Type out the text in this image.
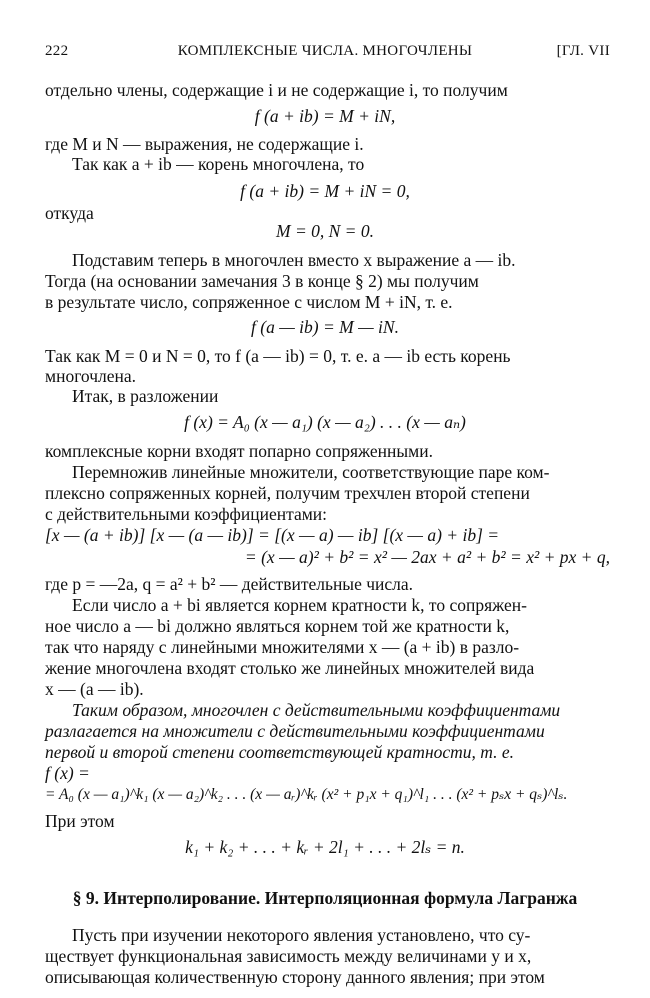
222	КОМПЛЕКСНЫЕ ЧИСЛА. МНОГОЧЛЕНЫ	[ГЛ. VII
отдельно члены, содержащие i и не содержащие i, то получим
f (a + ib) = M + iN,
где M и N — выражения, не содержащие i.
Так как a + ib — корень многочлена, то
f (a + ib) = M + iN = 0,
откуда
M = 0, N = 0.
Подставим теперь в многочлен вместо x выражение a — ib.
Тогда (на основании замечания 3 в конце § 2) мы получим
в результате число, сопряженное с числом M + iN, т. е.
f (a — ib) = M — iN.
Так как M = 0 и N = 0, то f (a — ib) = 0, т. е. a — ib есть корень
многочлена.
Итак, в разложении
f (x) = A₀ (x — a₁) (x — a₂) . . . (x — aₙ)
комплексные корни входят попарно сопряженными.
Перемножив линейные множители, соответствующие паре ком-
плексно сопряженных корней, получим трехчлен второй степени
с действительными коэффициентами:
[x — (a + ib)] [x — (a — ib)] = [(x — a) — ib] [(x — a) + ib] =
= (x — a)² + b² = x² — 2ax + a² + b² = x² + px + q,
где p = —2a, q = a² + b² — действительные числа.
Если число a + bi является корнем кратности k, то сопряжен-
ное число a — bi должно являться корнем той же кратности k,
так что наряду с линейными множителями x — (a + ib) в разло-
жение многочлена входят столько же линейных множителей вида
x — (a — ib).
Таким образом, многочлен с действительными коэффициентами
разлагается на множители с действительными коэффициентами
первой и второй степени соответствующей кратности, т. е.
f (x) =
= A₀ (x — a₁)^k₁ (x — a₂)^k₂ . . . (x — aᵣ)^kᵣ (x² + p₁x + q₁)^l₁ . . . (x² + pₛx + qₛ)^lₛ.
При этом
k₁ + k₂ + . . . + kᵣ + 2l₁ + . . . + 2lₛ = n.
§ 9. Интерполирование. Интерполяционная формула Лагранжа
Пусть при изучении некоторого явления установлено, что су-
ществует функциональная зависимость между величинами y и x,
описывающая количественную сторону данного явления; при этом
